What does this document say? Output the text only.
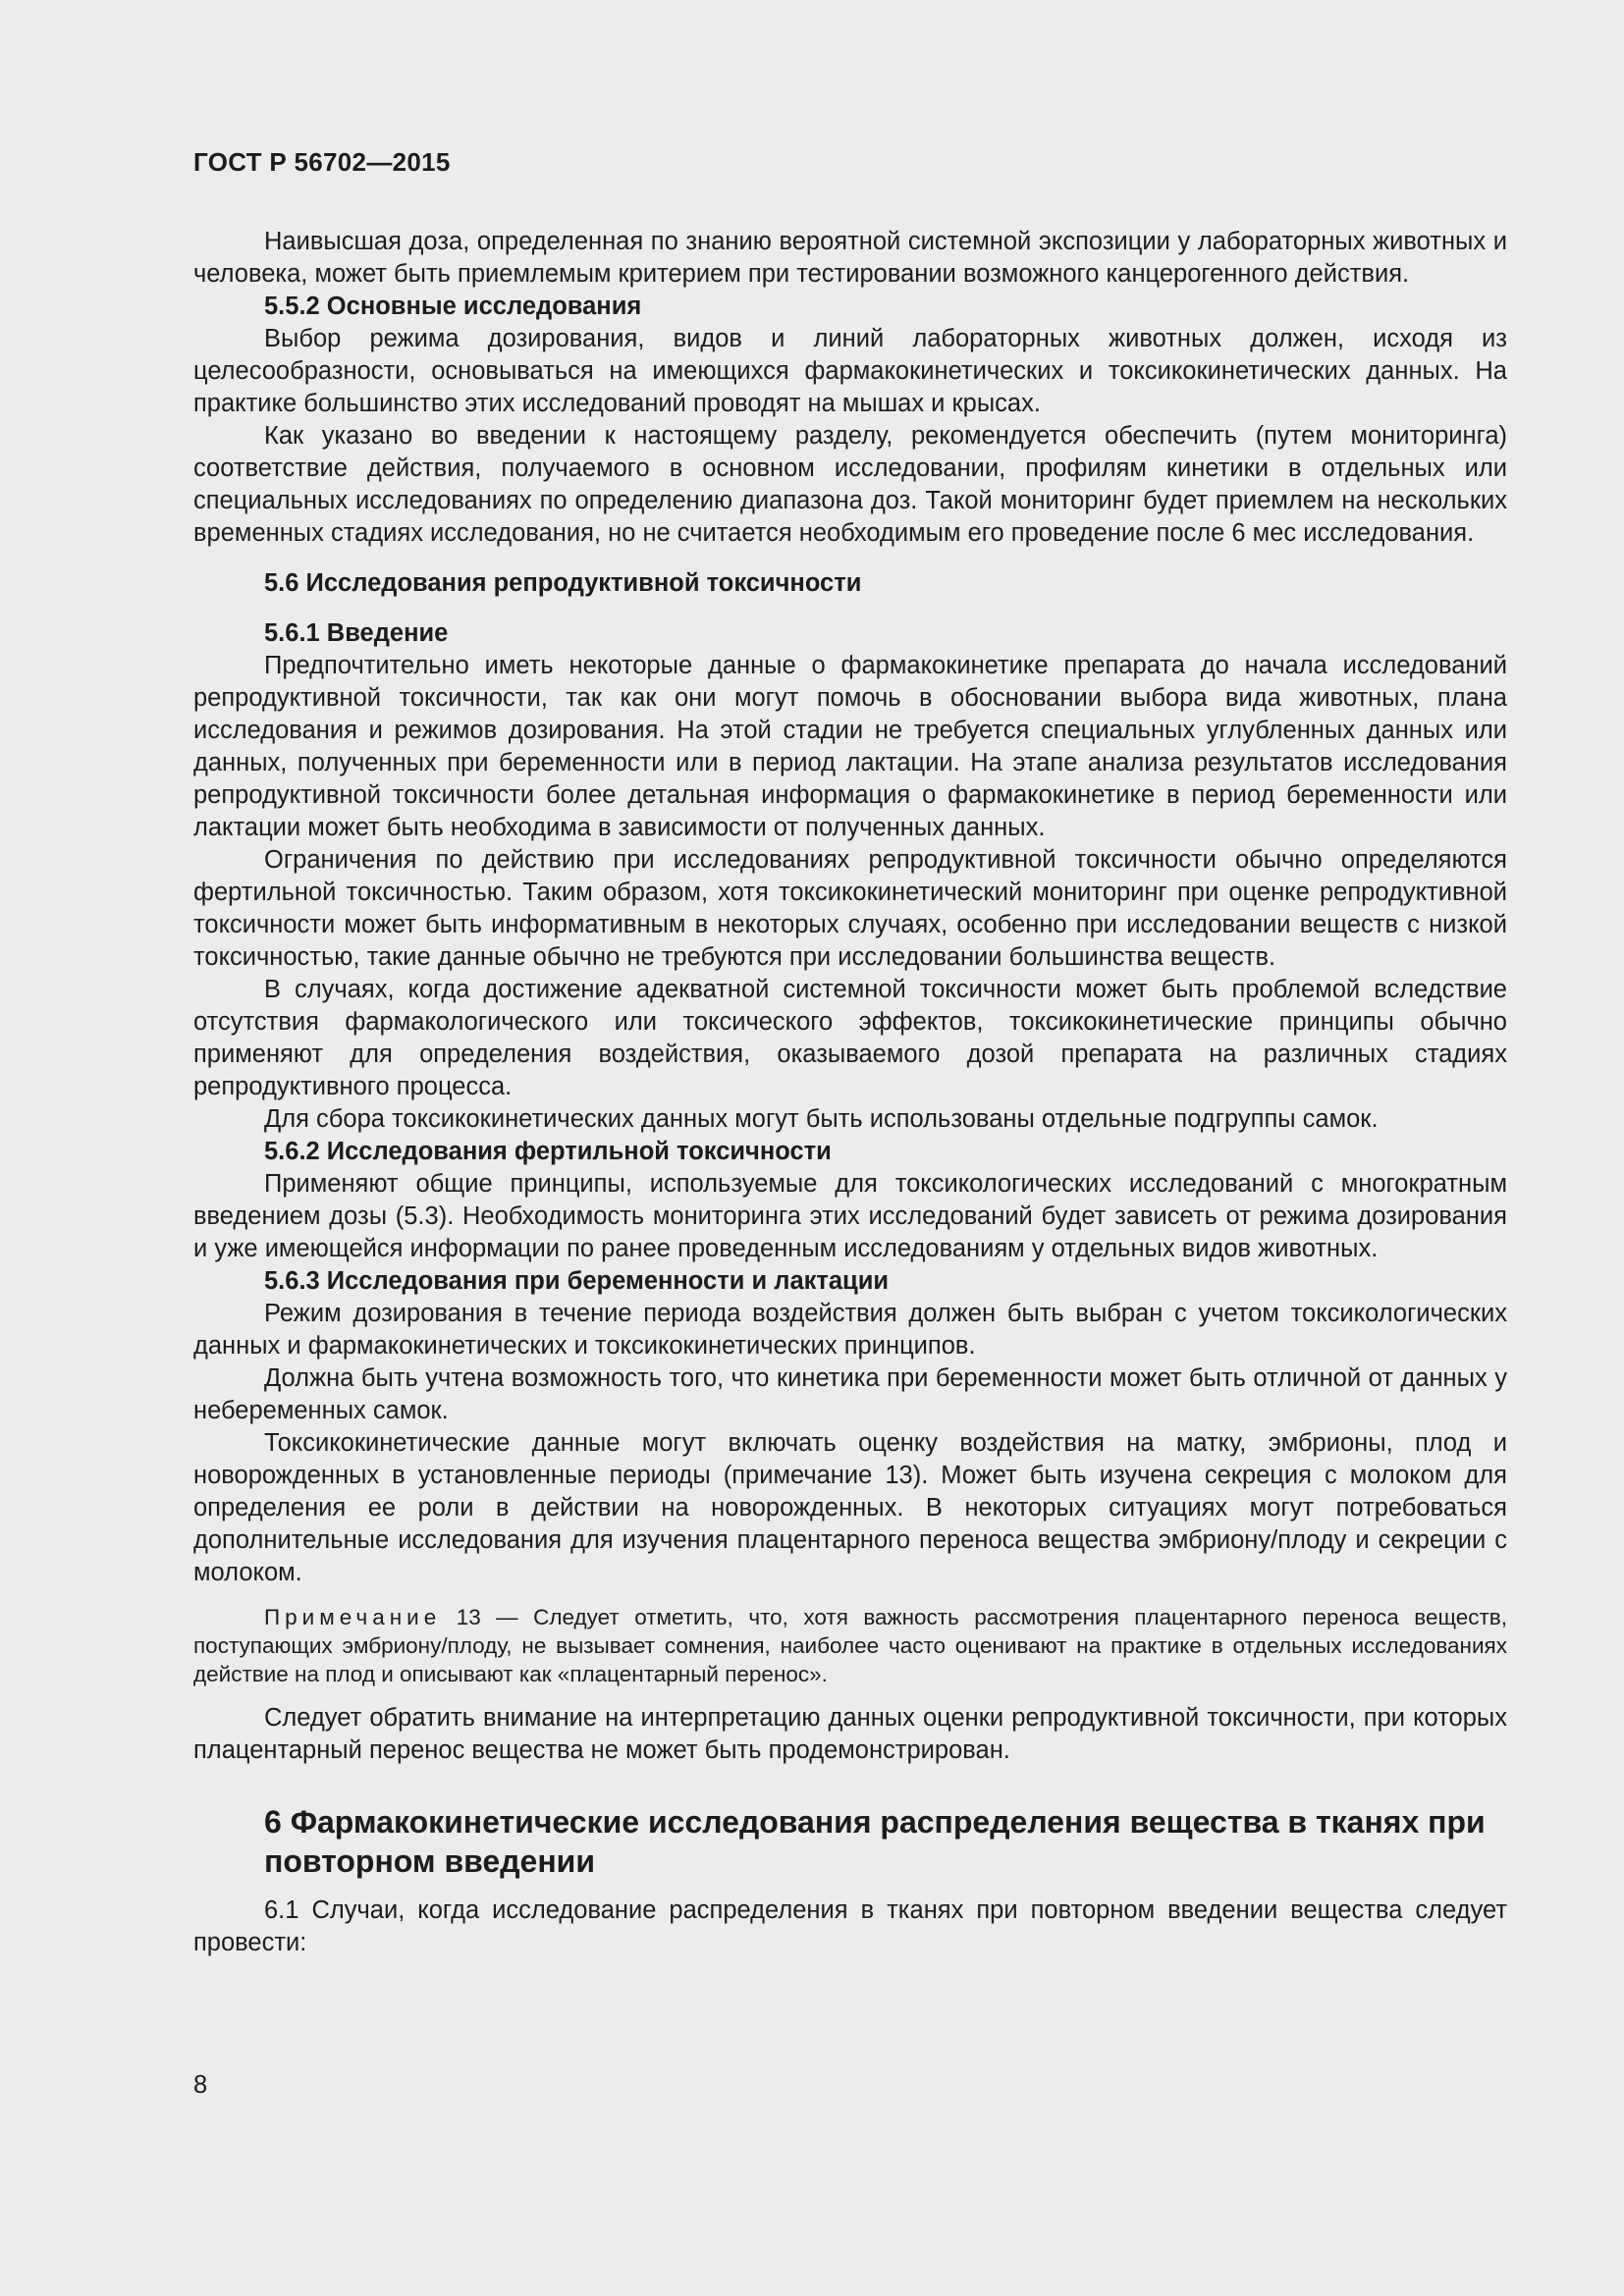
ГОСТ Р 56702—2015

Наивысшая доза, определенная по знанию вероятной системной экспозиции у лабораторных животных и человека, может быть приемлемым критерием при тестировании возможного канцерогенного действия.

5.5.2 Основные исследования

Выбор режима дозирования, видов и линий лабораторных животных должен, исходя из целесообразности, основываться на имеющихся фармакокинетических и токсикокинетических данных. На практике большинство этих исследований проводят на мышах и крысах.

Как указано во введении к настоящему разделу, рекомендуется обеспечить (путем мониторинга) соответствие действия, получаемого в основном исследовании, профилям кинетики в отдельных или специальных исследованиях по определению диапазона доз. Такой мониторинг будет приемлем на нескольких временных стадиях исследования, но не считается необходимым его проведение после 6 мес исследования.

5.6 Исследования репродуктивной токсичности
5.6.1 Введение

Предпочтительно иметь некоторые данные о фармакокинетике препарата до начала исследований репродуктивной токсичности, так как они могут помочь в обосновании выбора вида животных, плана исследования и режимов дозирования. На этой стадии не требуется специальных углубленных данных или данных, полученных при беременности или в период лактации. На этапе анализа результатов исследования репродуктивной токсичности более детальная информация о фармакокинетике в период беременности или лактации может быть необходима в зависимости от полученных данных.

Ограничения по действию при исследованиях репродуктивной токсичности обычно определяются фертильной токсичностью. Таким образом, хотя токсикокинетический мониторинг при оценке репродуктивной токсичности может быть информативным в некоторых случаях, особенно при исследовании веществ с низкой токсичностью, такие данные обычно не требуются при исследовании большинства веществ.

В случаях, когда достижение адекватной системной токсичности может быть проблемой вследствие отсутствия фармакологического или токсического эффектов, токсикокинетические принципы обычно применяют для определения воздействия, оказываемого дозой препарата на различных стадиях репродуктивного процесса.

Для сбора токсикокинетических данных могут быть использованы отдельные подгруппы самок.

5.6.2 Исследования фертильной токсичности

Применяют общие принципы, используемые для токсикологических исследований с многократным введением дозы (5.3). Необходимость мониторинга этих исследований будет зависеть от режима дозирования и уже имеющейся информации по ранее проведенным исследованиям у отдельных видов животных.

5.6.3 Исследования при беременности и лактации

Режим дозирования в течение периода воздействия должен быть выбран с учетом токсикологических данных и фармакокинетических и токсикокинетических принципов.

Должна быть учтена возможность того, что кинетика при беременности может быть отличной от данных у небеременных самок.

Токсикокинетические данные могут включать оценку воздействия на матку, эмбрионы, плод и новорожденных в установленные периоды (примечание 13). Может быть изучена секреция с молоком для определения ее роли в действии на новорожденных. В некоторых ситуациях могут потребоваться дополнительные исследования для изучения плацентарного переноса вещества эмбриону/плоду и секреции с молоком.

Примечание 13 — Следует отметить, что, хотя важность рассмотрения плацентарного переноса веществ, поступающих эмбриону/плоду, не вызывает сомнения, наиболее часто оценивают на практике в отдельных исследованиях действие на плод и описывают как «плацентарный перенос».

Следует обратить внимание на интерпретацию данных оценки репродуктивной токсичности, при которых плацентарный перенос вещества не может быть продемонстрирован.

6 Фармакокинетические исследования распределения вещества в тканях при повторном введении

6.1 Случаи, когда исследование распределения в тканях при повторном введении вещества следует провести:

8
